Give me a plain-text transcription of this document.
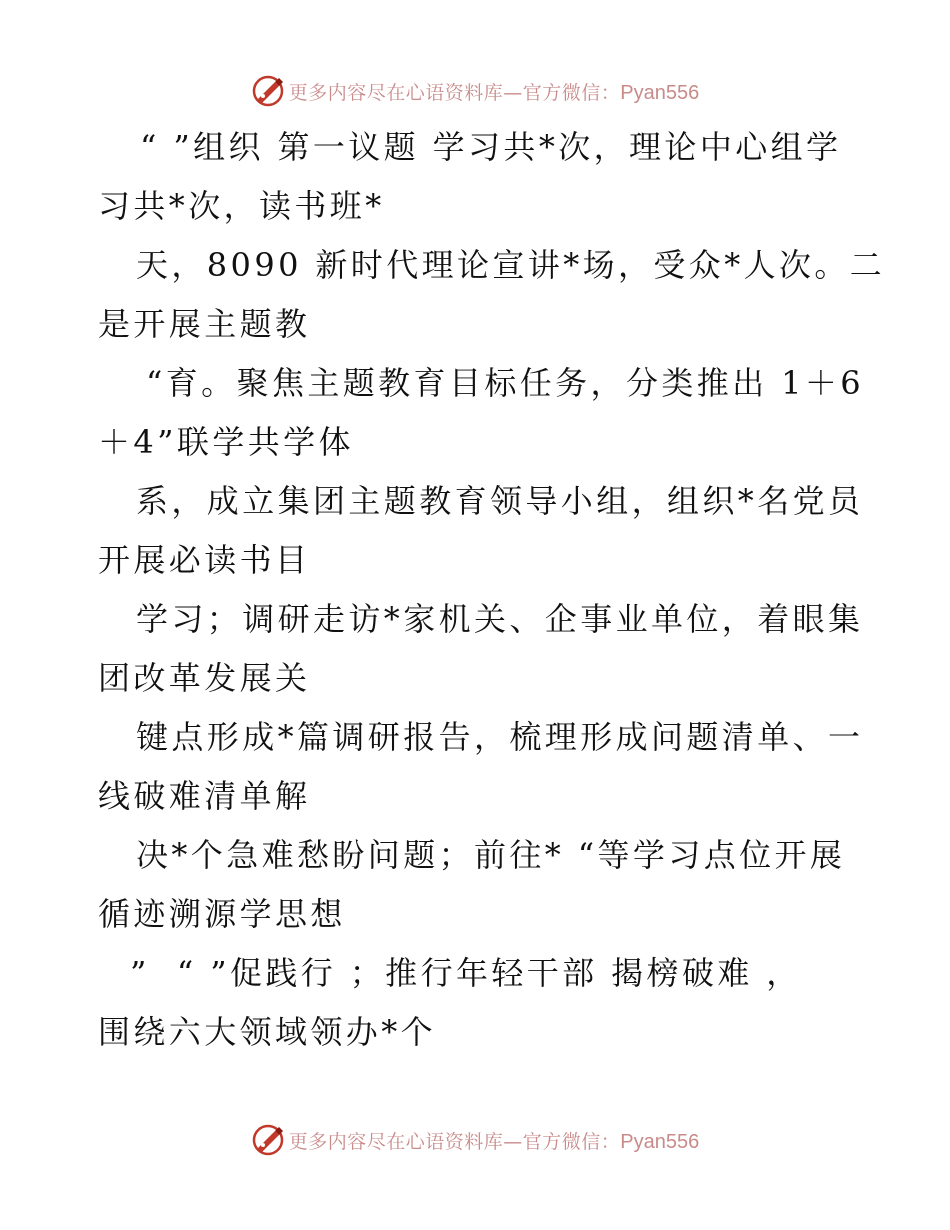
更多内容尽在心语资料库—官方微信：Pyan556
“ ”组织 第一议题 学习共*次，理论中心组学
习共*次，读书班*
天，8090 新时代理论宣讲*场，受众*人次。二
是开展主题教
“育。聚焦主题教育目标任务，分类推出 1＋6
＋4”联学共学体
系，成立集团主题教育领导小组，组织*名党员
开展必读书目
学习；调研走访*家机关、企事业单位，着眼集
团改革发展关
键点形成*篇调研报告，梳理形成问题清单、一
线破难清单解
决*个急难愁盼问题；前往* “等学习点位开展
循迹溯源学思想
”  “ ”促践行 ；推行年轻干部 揭榜破难 ，
围绕六大领域领办*个
更多内容尽在心语资料库—官方微信：Pyan556
